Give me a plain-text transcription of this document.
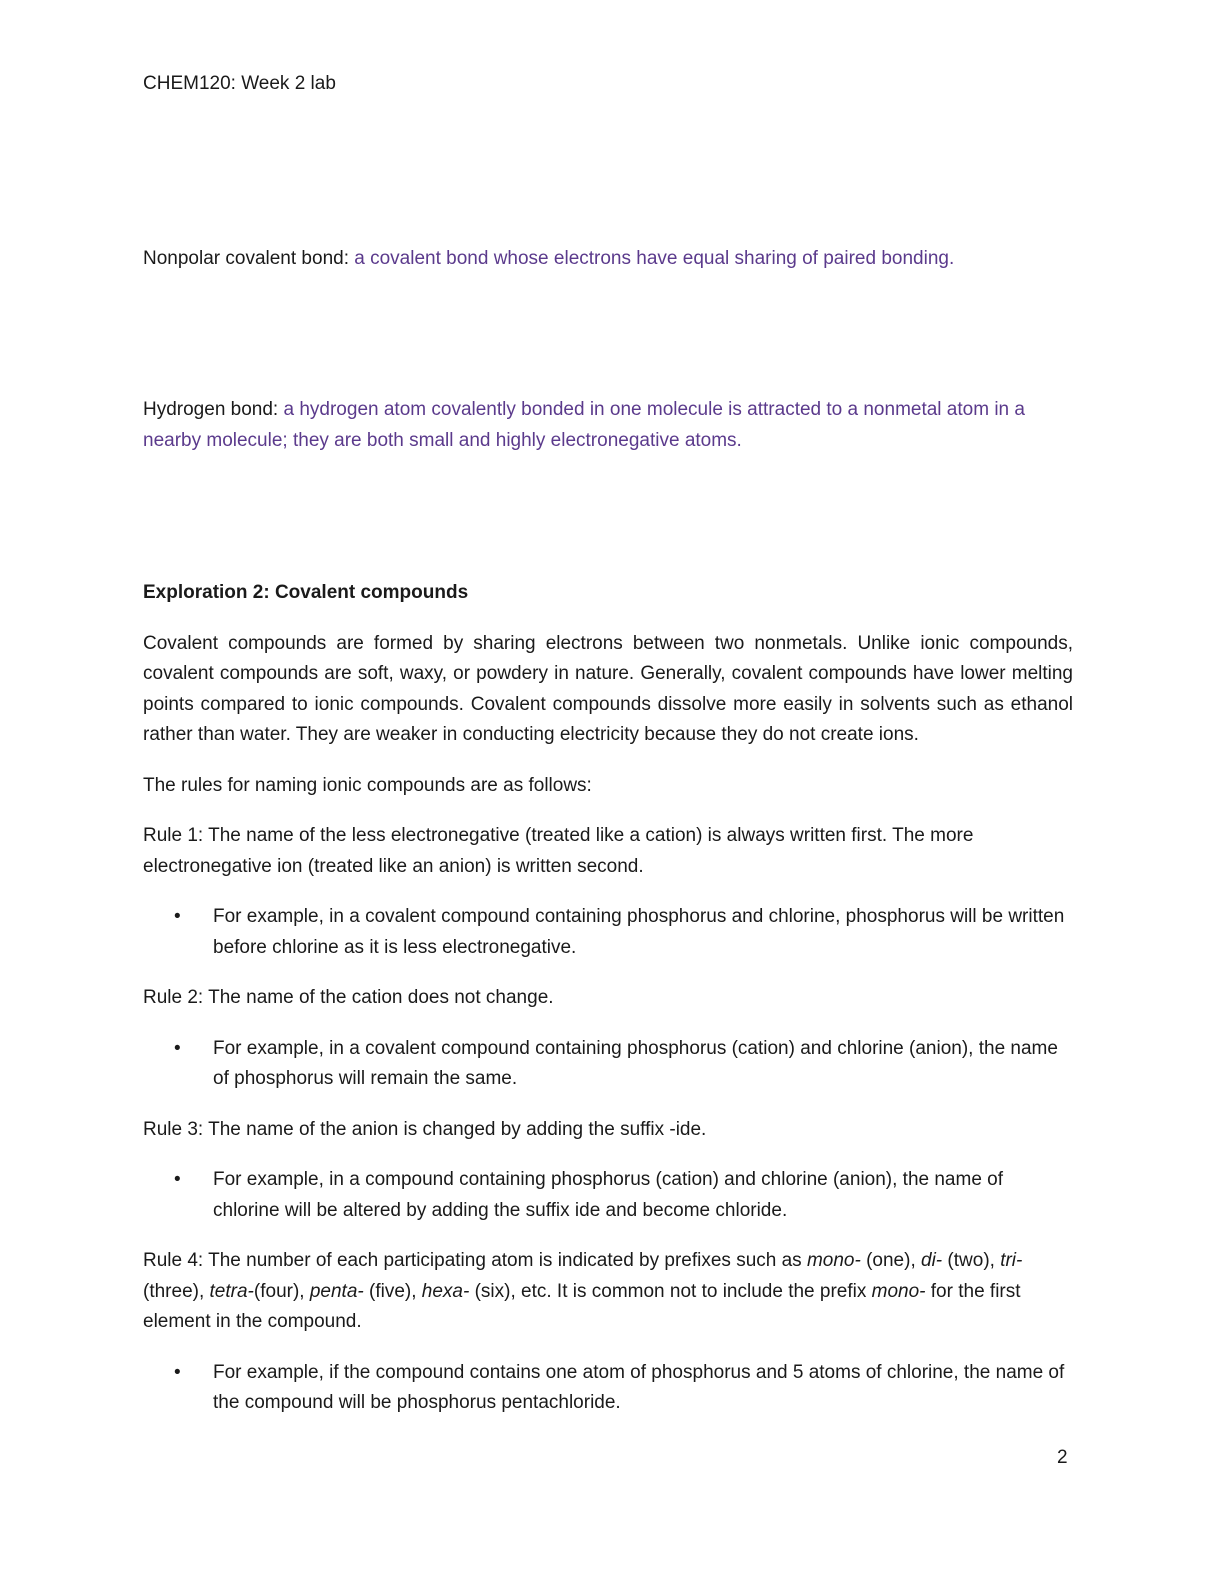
CHEM120: Week 2 lab
Nonpolar covalent bond: a covalent bond whose electrons have equal sharing of paired bonding.
Hydrogen bond: a hydrogen atom covalently bonded in one molecule is attracted to a nonmetal atom in a nearby molecule; they are both small and highly electronegative atoms.

Exploration 2: Covalent compounds

Covalent compounds are formed by sharing electrons between two nonmetals. Unlike ionic compounds, covalent compounds are soft, waxy, or powdery in nature. Generally, covalent compounds have lower melting points compared to ionic compounds. Covalent compounds dissolve more easily in solvents such as ethanol rather than water. They are weaker in conducting electricity because they do not create ions.

The rules for naming ionic compounds are as follows:

Rule 1: The name of the less electronegative (treated like a cation) is always written first. The more electronegative ion (treated like an anion) is written second.

• For example, in a covalent compound containing phosphorus and chlorine, phosphorus will be written before chlorine as it is less electronegative.

Rule 2: The name of the cation does not change.

• For example, in a covalent compound containing phosphorus (cation) and chlorine (anion), the name of phosphorus will remain the same.

Rule 3: The name of the anion is changed by adding the suffix -ide.

• For example, in a compound containing phosphorus (cation) and chlorine (anion), the name of chlorine will be altered by adding the suffix ide and become chloride.

Rule 4: The number of each participating atom is indicated by prefixes such as mono- (one), di- (two), tri- (three), tetra-(four), penta- (five), hexa- (six), etc. It is common not to include the prefix mono- for the first element in the compound.

• For example, if the compound contains one atom of phosphorus and 5 atoms of chlorine, the name of the compound will be phosphorus pentachloride.

2
